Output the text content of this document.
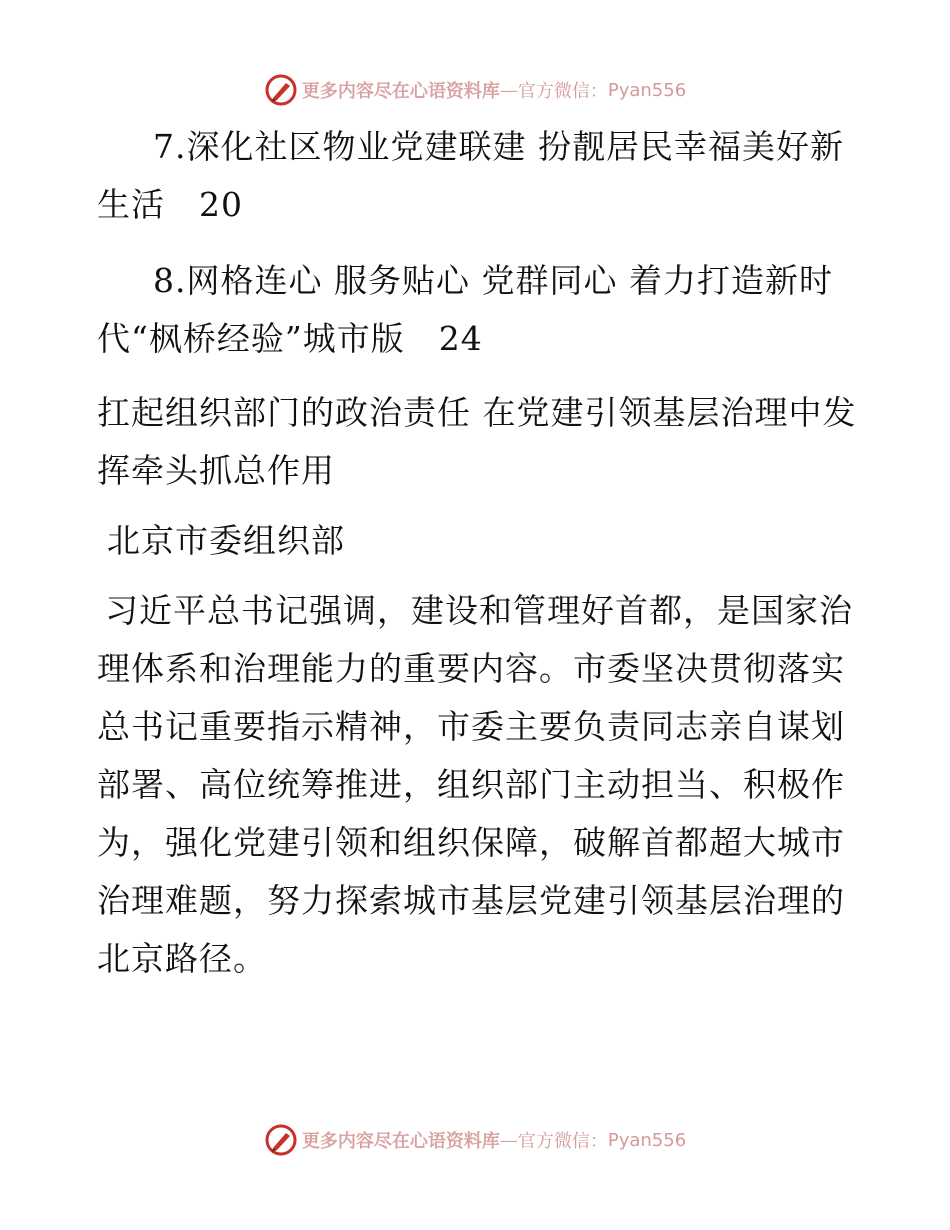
更多内容尽在心语资料库 — 官方微信： Pyan556

7.深化社区物业党建联建 扮靓居民幸福美好新生活 20

8.网格连心 服务贴心 党群同心 着力打造新时代“枫桥经验”城市版 24

扛起组织部门的政治责任 在党建引领基层治理中发挥牵头抓总作用

北京市委组织部

习近平总书记强调，建设和管理好首都，是国家治理体系和治理能力的重要内容。市委坚决贯彻落实总书记重要指示精神，市委主要负责同志亲自谋划部署、高位统筹推进，组织部门主动担当、积极作为，强化党建引领和组织保障，破解首都超大城市治理难题，努力探索城市基层党建引领基层治理的北京路径。

更多内容尽在心语资料库 — 官方微信： Pyan556
